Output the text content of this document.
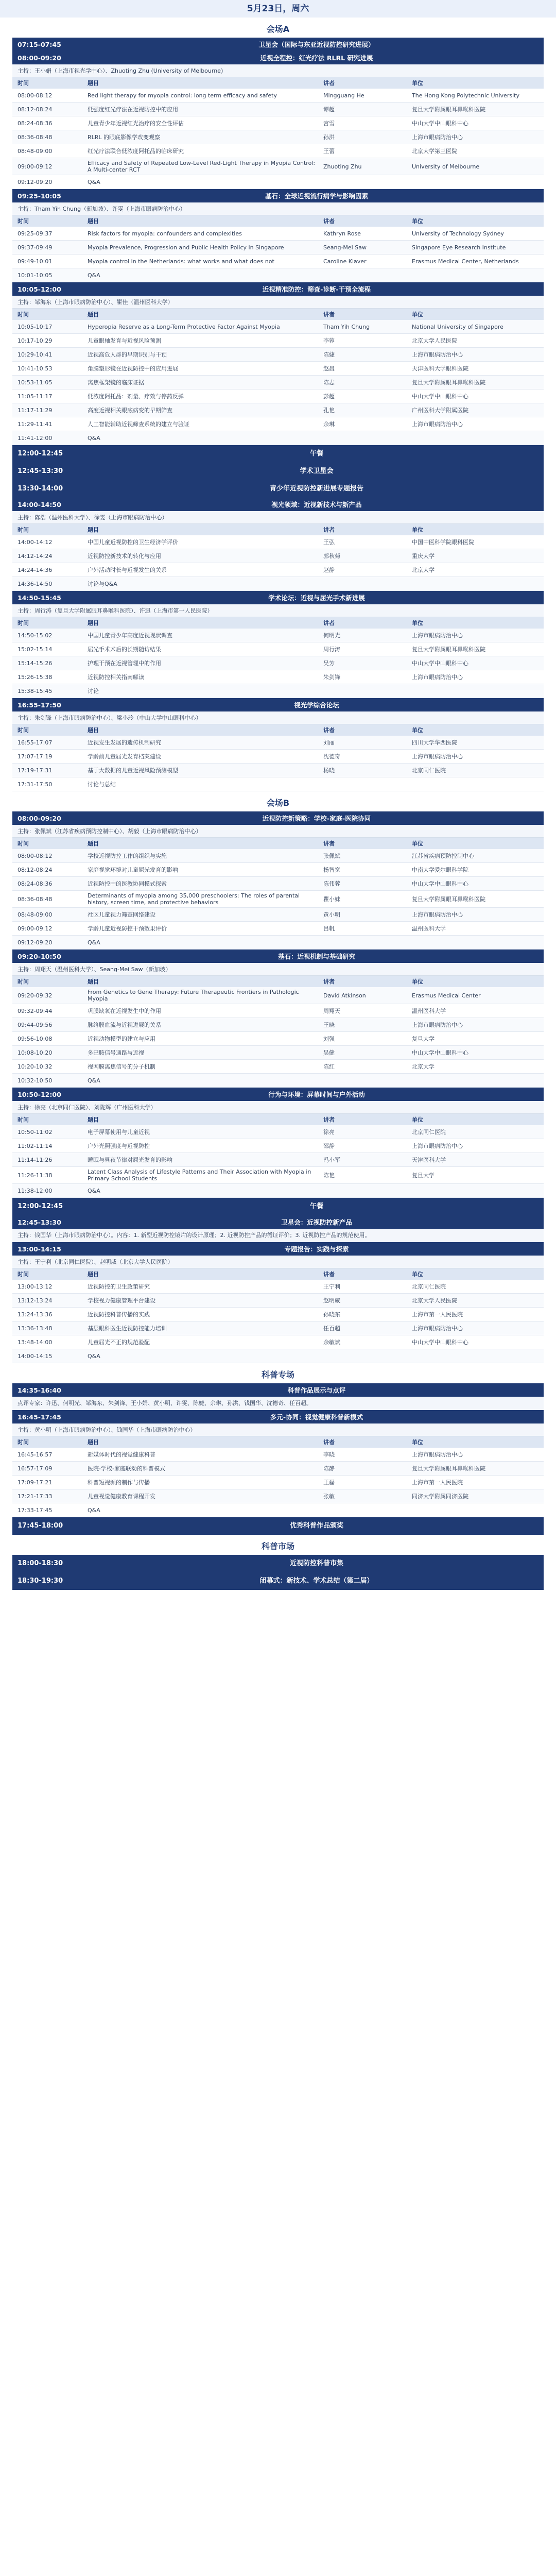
5月23日，周六
会场A
07:15-07:45	卫星会（国际与东亚近视防控研究进展）
08:00-09:20	近视全程控：红光疗法 RLRL 研究进展
主持：王小娟（上海市视光学中心）、Zhuoting Zhu (University of Melbourne)
时间	题目	讲者	单位
08:00-08:12	Red light therapy for myopia control: long term efficacy and safety	Mingguang He	The Hong Kong Polytechnic University
08:12-08:24	低强度红光疗法在近视防控中的应用	谭超	复旦大学附属眼耳鼻喉科医院
08:24-08:36	儿童青少年近视红光治疗的安全性评估	宫雪	中山大学中山眼科中心
08:36-08:48	RLRL 的眼底影像学改变观察	孙洪	上海市眼病防治中心
08:48-09:00	红光疗法联合低浓度阿托品的临床研究	王蕾	北京大学第三医院
09:00-09:12	Efficacy and Safety of Repeated Low-Level Red-Light Therapy in Myopia Control: A Multi-center RCT	Zhuoting Zhu	University of Melbourne
09:12-09:20	Q&A
09:25-10:05	基石：全球近视流行病学与影响因素
主持：Tham Yih Chung（新加坡）、许雯（上海市眼病防治中心）
时间	题目	讲者	单位
09:25-09:37	Risk factors for myopia: confounders and complexities	Kathryn Rose	University of Technology Sydney
09:37-09:49	Myopia Prevalence, Progression and Public Health Policy in Singapore	Seang-Mei Saw	Singapore Eye Research Institute
09:49-10:01	Myopia control in the Netherlands: what works and what does not	Caroline Klaver	Erasmus Medical Center, Netherlands
10:01-10:05	Q&A
10:05-12:00	近视精准防控：筛查-诊断-干预全流程
主持：邹海东（上海市眼病防治中心）、瞿佳（温州医科大学）
时间	题目	讲者	单位
10:05-10:17	Hyperopia Reserve as a Long-Term Protective Factor Against Myopia	Tham Yih Chung	National University of Singapore
10:17-10:29	儿童眼轴发育与近视风险预测	李蓉	北京大学人民医院
10:29-10:41	近视高危人群的早期识别与干预	陈婕	上海市眼病防治中心
10:41-10:53	角膜塑形镜在近视防控中的应用进展	赵晨	天津医科大学眼科医院
10:53-11:05	离焦框架镜的临床证据	陈志	复旦大学附属眼耳鼻喉科医院
11:05-11:17	低浓度阿托品：剂量、疗效与停药反弹	彭超	中山大学中山眼科中心
11:17-11:29	高度近视相关眼底病变的早期筛查	孔艳	广州医科大学附属医院
11:29-11:41	人工智能辅助近视筛查系统的建立与验证	余琳	上海市眼病防治中心
11:41-12:00	Q&A
12:00-12:45	午餐
12:45-13:30	学术卫星会
13:30-14:00	青少年近视防控新进展专题报告
14:00-14:50	视光领域：近视新技术与新产品
主持：陈浩（温州医科大学）、徐雯（上海市眼病防治中心）
时间	题目	讲者	单位
14:00-14:12	中国儿童近视防控的卫生经济学评价	王弘	中国中医科学院眼科医院
14:12-14:24	近视防控新技术的转化与应用	郭秋菊	重庆大学
14:24-14:36	户外活动时长与近视发生的关系	赵静	北京大学
14:36-14:50	讨论与Q&A
14:50-15:45	学术论坛：近视与屈光手术新进展
主持：周行涛（复旦大学附属眼耳鼻喉科医院）、许迅（上海市第一人民医院）
时间	题目	讲者	单位
14:50-15:02	中国儿童青少年高度近视现状调查	何明光	上海市眼病防治中心
15:02-15:14	屈光手术术后的长期随访结果	周行涛	复旦大学附属眼耳鼻喉科医院
15:14-15:26	护理干预在近视管理中的作用	吴芳	中山大学中山眼科中心
15:26-15:38	近视防控相关指南解读	朱剑锋	上海市眼病防治中心
15:38-15:45	讨论
16:55-17:50	视光学综合论坛
主持：朱剑锋（上海市眼病防治中心）、梁小玲（中山大学中山眼科中心）
时间	题目	讲者	单位
16:55-17:07	近视发生发展的遗传机制研究	刘丽	四川大学华西医院
17:07-17:19	学龄前儿童屈光发育档案建设	沈德奇	上海市眼病防治中心
17:19-17:31	基于大数据的儿童近视风险预测模型	杨晓	北京同仁医院
17:31-17:50	讨论与总结
会场B
08:00-09:20	近视防控新策略：学校-家庭-医院协同
主持：张佩斌（江苏省疾病预防控制中心）、胡毅（上海市眼病防治中心）
时间	题目	讲者	单位
08:00-08:12	学校近视防控工作的组织与实施	张佩斌	江苏省疾病预防控制中心
08:12-08:24	家庭视觉环境对儿童屈光发育的影响	杨智宽	中南大学爱尔眼科学院
08:24-08:36	近视防控中的医教协同模式探索	陈伟蓉	中山大学中山眼科中心
08:36-08:48	Determinants of myopia among 35,000 preschoolers: The roles of parental history, screen time, and protective behaviors	瞿小妹	复旦大学附属眼耳鼻喉科医院
08:48-09:00	社区儿童视力筛查网络建设	黄小明	上海市眼病防治中心
09:00-09:12	学龄儿童近视防控干预效果评价	吕帆	温州医科大学
09:12-09:20	Q&A
09:20-10:50	基石：近视机制与基础研究
主持：周翔天（温州医科大学）、Seang-Mei Saw（新加坡）
时间	题目	讲者	单位
09:20-09:32	From Genetics to Gene Therapy: Future Therapeutic Frontiers in Pathologic Myopia	David Atkinson	Erasmus Medical Center
09:32-09:44	巩膜缺氧在近视发生中的作用	周翔天	温州医科大学
09:44-09:56	脉络膜血流与近视进展的关系	王晓	上海市眼病防治中心
09:56-10:08	近视动物模型的建立与应用	刘强	复旦大学
10:08-10:20	多巴胺信号通路与近视	吴健	中山大学中山眼科中心
10:20-10:32	视网膜离焦信号的分子机制	陈红	北京大学
10:32-10:50	Q&A
10:50-12:00	行为与环境：屏幕时间与户外活动
主持：徐亮（北京同仁医院）、刘陇辉（广州医科大学）
时间	题目	讲者	单位
10:50-11:02	电子屏幕使用与儿童近视	徐亮	北京同仁医院
11:02-11:14	户外光照强度与近视防控	邵静	上海市眼病防治中心
11:14-11:26	睡眠与昼夜节律对屈光发育的影响	冯小军	天津医科大学
11:26-11:38	Latent Class Analysis of Lifestyle Patterns and Their Association with Myopia in Primary School Students	陈艳	复旦大学
11:38-12:00	Q&A
12:00-12:45	午餐
12:45-13:30	卫星会：近视防控新产品
主持：钱国华（上海市眼病防治中心）。内容：1. 新型近视防控镜片的设计原理；2. 近视防控产品的循证评价；3. 近视防控产品的规范使用。
13:00-14:15	专题报告：实践与探索
主持：王宁利（北京同仁医院）、赵明威（北京大学人民医院）
时间	题目	讲者	单位
13:00-13:12	近视防控的卫生政策研究	王宁利	北京同仁医院
13:12-13:24	学校视力健康管理平台建设	赵明威	北京大学人民医院
13:24-13:36	近视防控科普传播的实践	孙晓东	上海市第一人民医院
13:36-13:48	基层眼科医生近视防控能力培训	任百超	上海市眼病防治中心
13:48-14:00	儿童屈光不正的规范验配	余敏斌	中山大学中山眼科中心
14:00-14:15	Q&A
科普专场
14:35-16:40	科普作品展示与点评
点评专家：许迅、何明光、邹海东、朱剑锋、王小娟、黄小明、许雯、陈婕、余琳、孙洪、钱国华、沈德奇、任百超。
16:45-17:45	多元-协同：视觉健康科普新模式
主持：黄小明（上海市眼病防治中心）、钱国华（上海市眼病防治中心）
时间	题目	讲者	单位
16:45-16:57	新媒体时代的视觉健康科普	李晓	上海市眼病防治中心
16:57-17:09	医院-学校-家庭联动的科普模式	陈静	复旦大学附属眼耳鼻喉科医院
17:09-17:21	科普短视频的制作与传播	王磊	上海市第一人民医院
17:21-17:33	儿童视觉健康教育课程开发	张敏	同济大学附属同济医院
17:33-17:45	Q&A
17:45-18:00	优秀科普作品颁奖
科普市场
18:00-18:30	近视防控科普市集
18:30-19:30	闭幕式：新技术、学术总结（第二届）
